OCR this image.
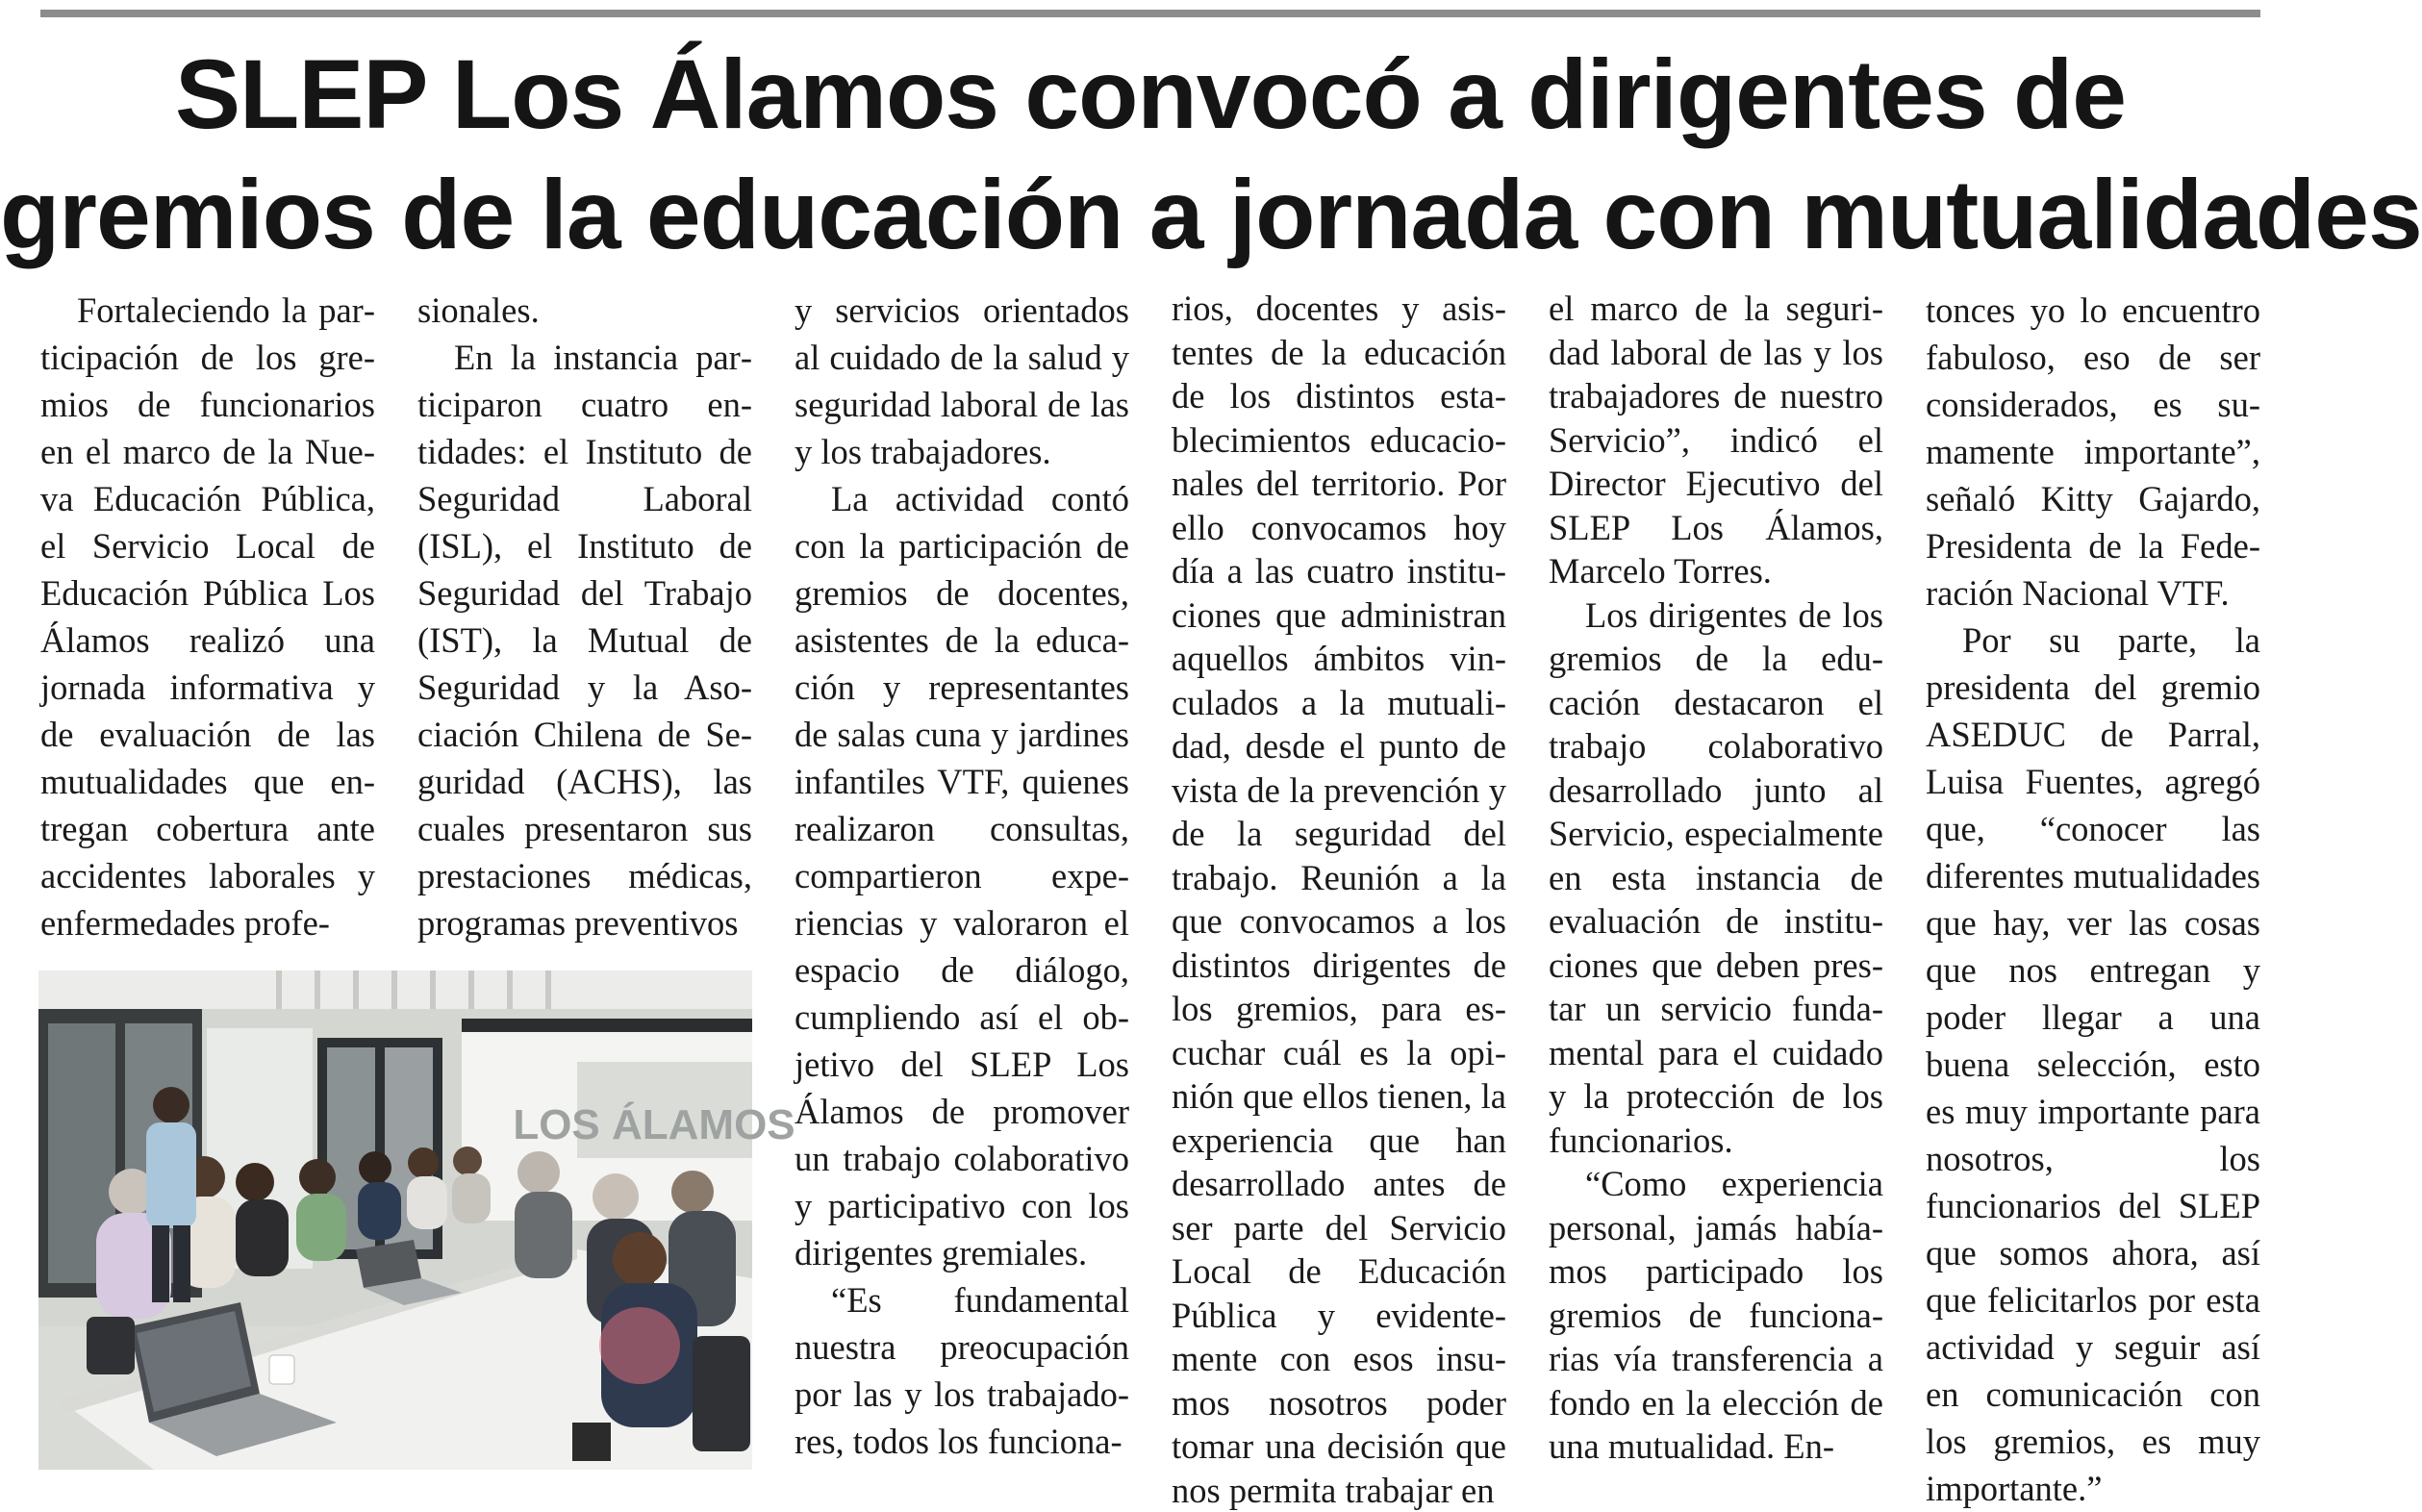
SLEP Los Álamos convocó a dirigentes de
gremios de la educación a jornada con mutualidades

Fortaleciendo la participación de los gremios de funcionarios en el marco de la Nueva Educación Pública, el Servicio Local de Educación Pública Los Álamos realizó una jornada informativa y de evaluación de las mutualidades que entregan cobertura ante accidentes laborales y enfermedades profe-

sionales.

En la instancia participaron cuatro entidades: el Instituto de Seguridad Laboral (ISL), el Instituto de Seguridad del Trabajo (IST), la Mutual de Seguridad y la Asociación Chilena de Seguridad (ACHS), las cuales presentaron sus prestaciones médicas, programas preventivos

y servicios orientados al cuidado de la salud y seguridad laboral de las y los trabajadores.

La actividad contó con la participación de gremios de docentes, asistentes de la educación y representantes de salas cuna y jardines infantiles VTF, quienes realizaron consultas, compartieron experiencias y valoraron el espacio de diálogo, cumpliendo así el objetivo del SLEP Los Álamos de promover un trabajo colaborativo y participativo con los dirigentes gremiales.

“Es fundamental nuestra preocupación por las y los trabajadores, todos los funciona-

rios, docentes y asistentes de la educación de los distintos establecimientos educacionales del territorio. Por ello convocamos hoy día a las cuatro instituciones que administran aquellos ámbitos vinculados a la mutualidad, desde el punto de vista de la prevención y de la seguridad del trabajo. Reunión a la que convocamos a los distintos dirigentes de los gremios, para escuchar cuál es la opinión que ellos tienen, la experiencia que han desarrollado antes de ser parte del Servicio Local de Educación Pública y evidentemente con esos insumos nosotros poder tomar una decisión que nos permita trabajar en

el marco de la seguridad laboral de las y los trabajadores de nuestro Servicio”, indicó el Director Ejecutivo del SLEP Los Álamos, Marcelo Torres.

Los dirigentes de los gremios de la educación destacaron el trabajo colaborativo desarrollado junto al Servicio, especialmente en esta instancia de evaluación de instituciones que deben prestar un servicio fundamental para el cuidado y la protección de los funcionarios.

“Como experiencia personal, jamás habíamos participado los gremios de funcionarias vía transferencia a fondo en la elección de una mutualidad. En-

tonces yo lo encuentro fabuloso, eso de ser considerados, es sumamente importante”, señaló Kitty Gajardo, Presidenta de la Federación Nacional VTF.

Por su parte, la presidenta del gremio ASEDUC de Parral, Luisa Fuentes, agregó que, “conocer las diferentes mutualidades que hay, ver las cosas que nos entregan y poder llegar a una buena selección, esto es muy importante para nosotros, los funcionarios del SLEP que somos ahora, así que felicitarlos por esta actividad y seguir así en comunicación con los gremios, es muy importante.”

LOS ÁLAMOS
